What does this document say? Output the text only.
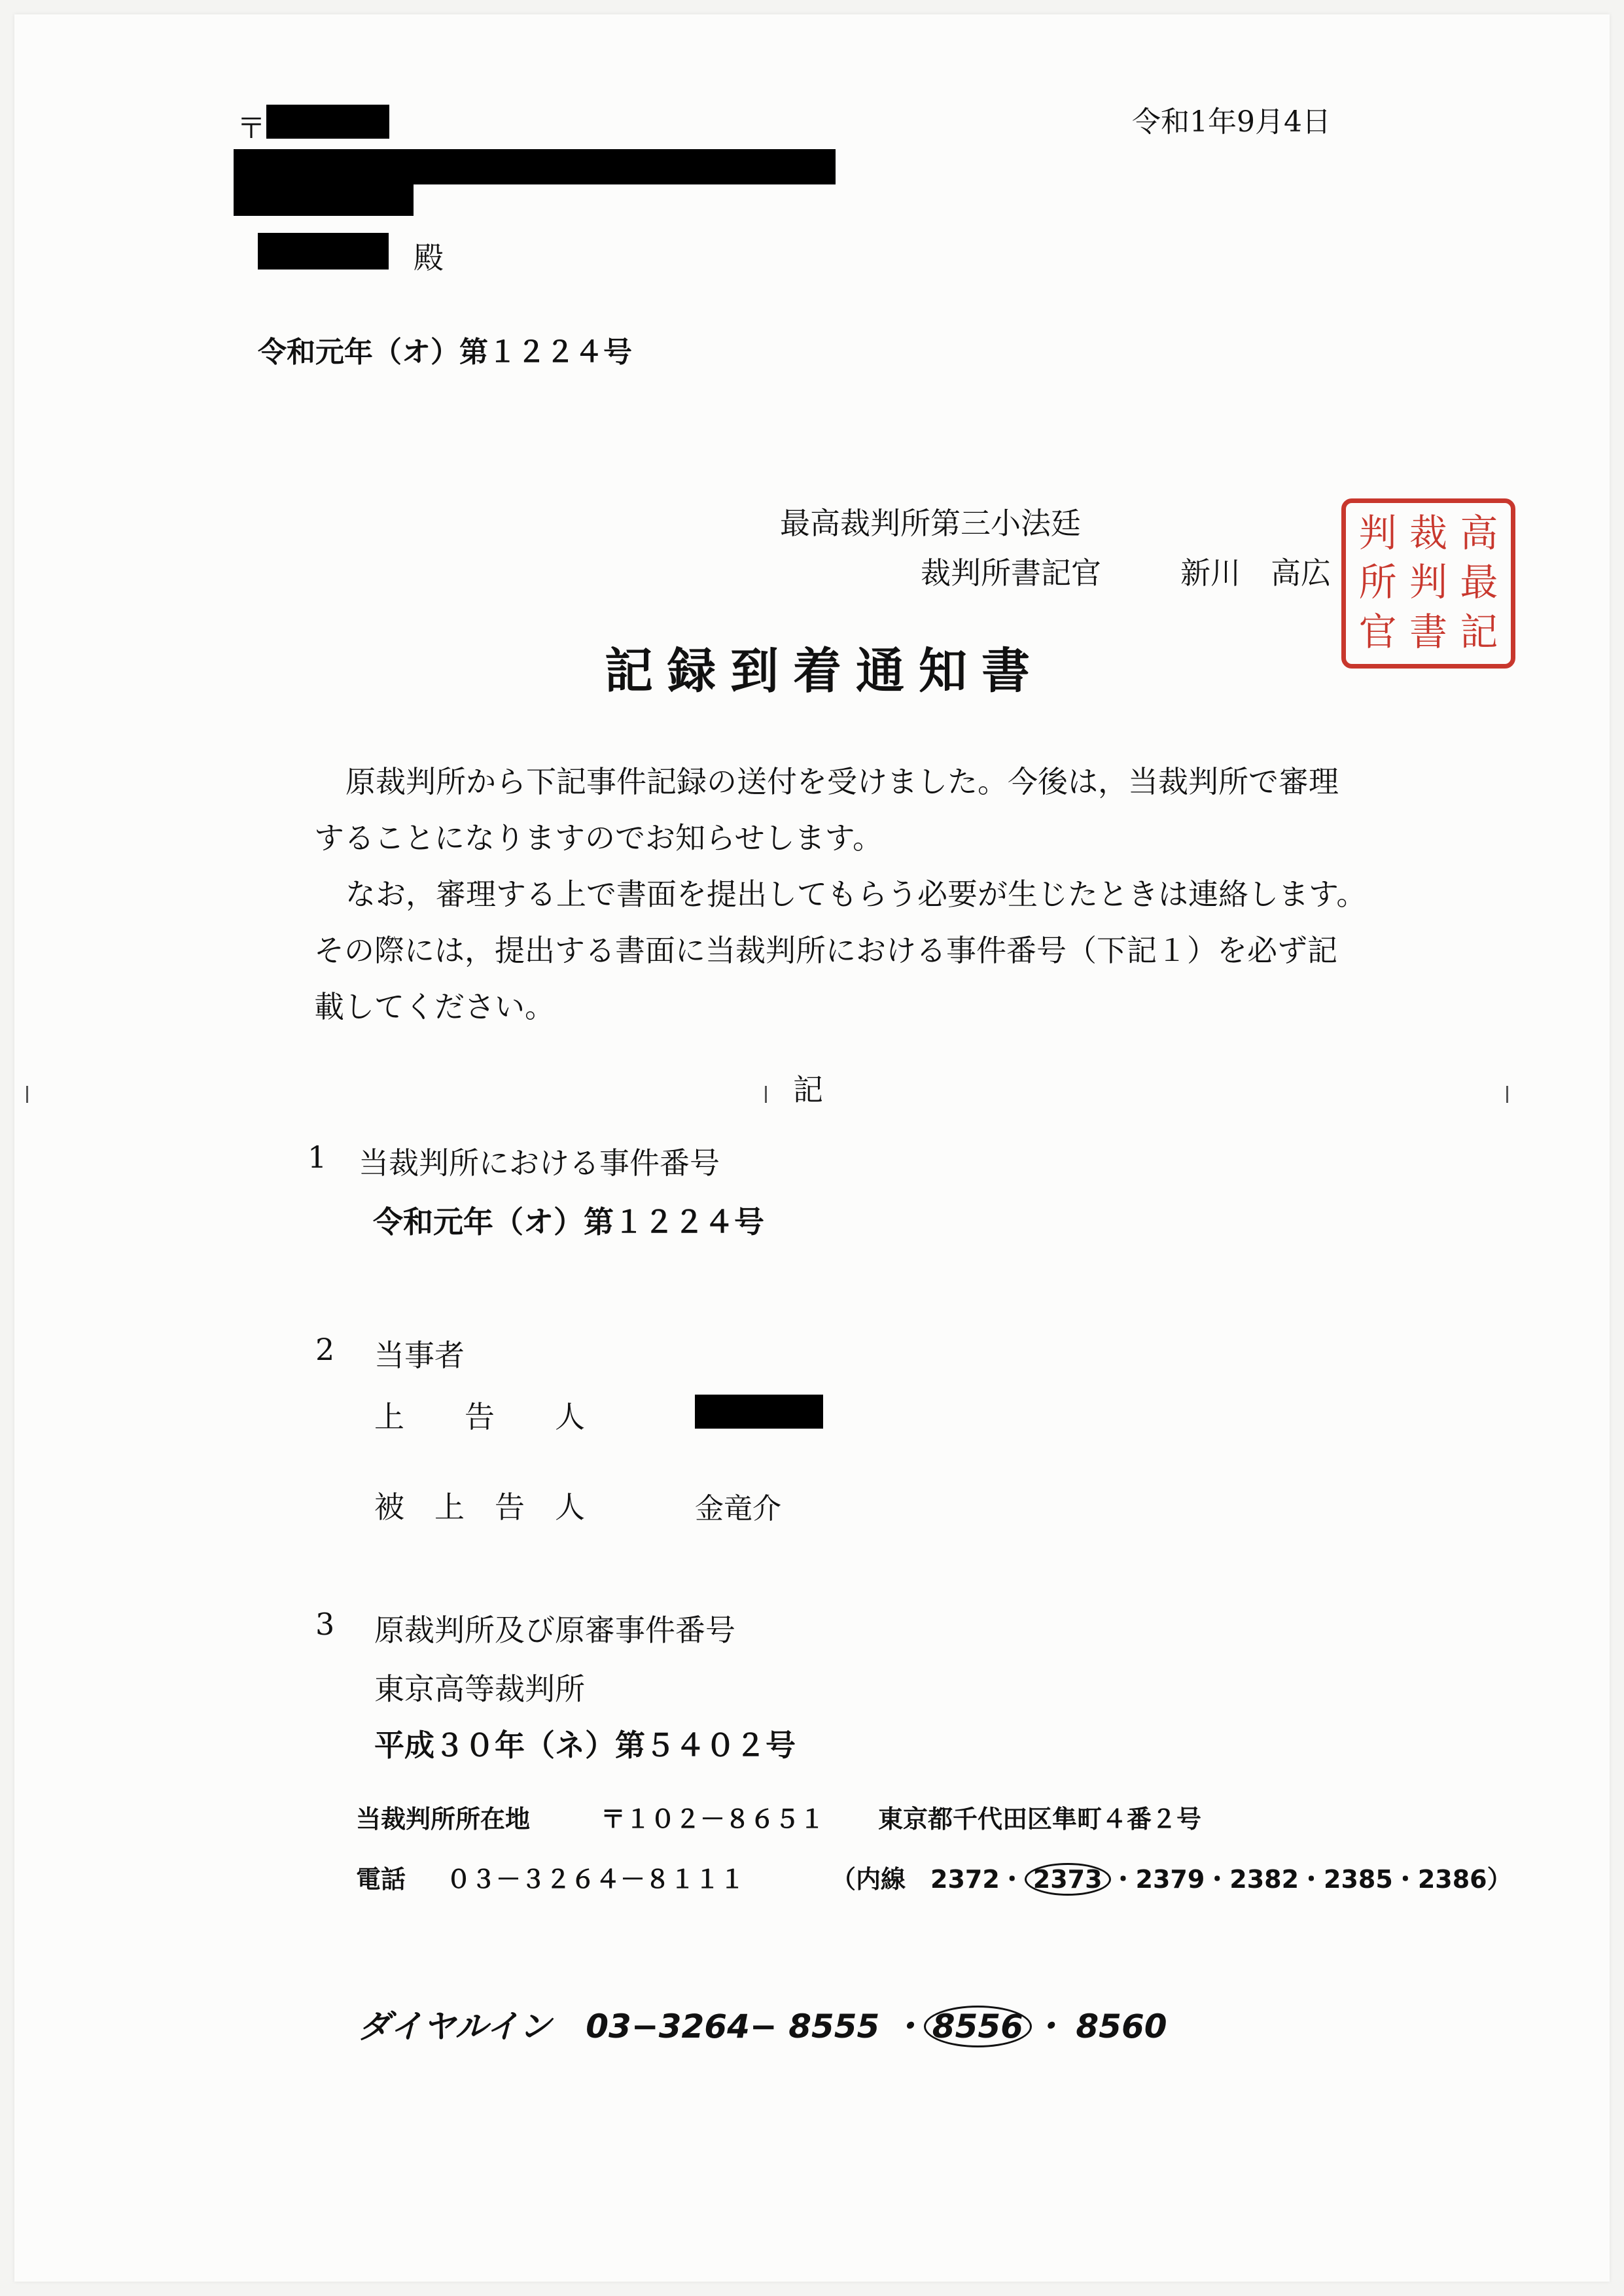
〒
殿
令和1年9月4日
令和元年（オ）第１２２４号
最高裁判所第三小法廷
裁判所書記官	新川　高広
判 裁 高
所 判 最
官 書 記
記録到着通知書
原裁判所から下記事件記録の送付を受けました。今後は，当裁判所で審理
することになりますのでお知らせします。
なお，審理する上で書面を提出してもらう必要が生じたときは連絡します。
その際には，提出する書面に当裁判所における事件番号（下記１）を必ず記
載してください。
記
1 当裁判所における事件番号
令和元年（オ）第１２２４号
2 当事者
上　　告　　人
被　上　告　人	金竜介
3 原裁判所及び原審事件番号
東京高等裁判所
平成３０年（ネ）第５４０２号
当裁判所所在地	〒１０２－８６５１ 東京都千代田区隼町４番２号
電話 ０３－３２６４－８１１１	（内線　2372・ 2373 ・2379・2382・2385・2386）
ダイヤルイン 03−3264− 8555 ・ 8556 ・ 8560
